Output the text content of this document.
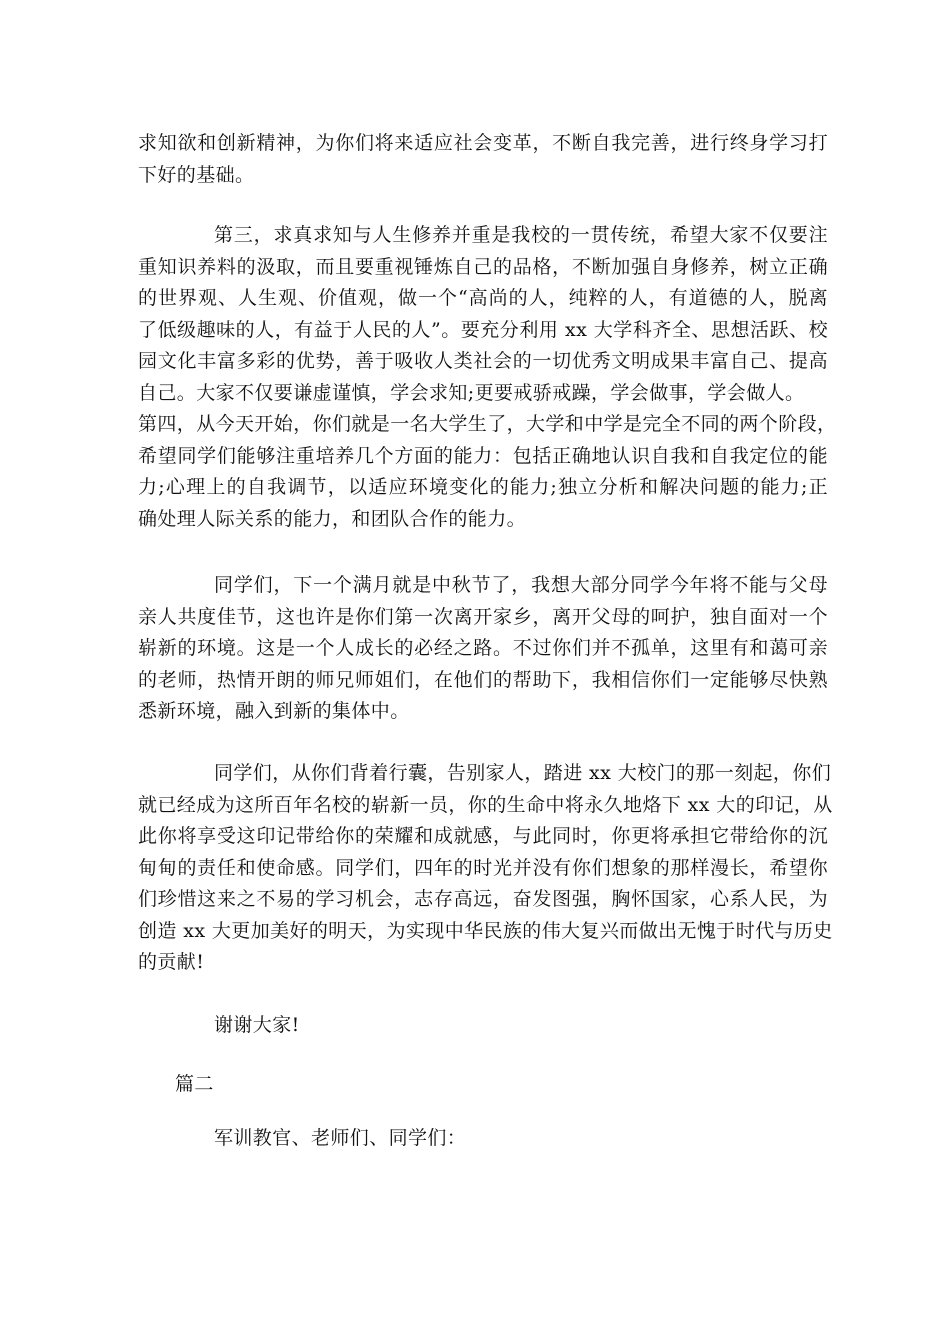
求知欲和创新精神，为你们将来适应社会变革，不断自我完善，进行终身学习打
下好的基础。

第三，求真求知与人生修养并重是我校的一贯传统，希望大家不仅要注
重知识养料的汲取，而且要重视锤炼自己的品格，不断加强自身修养，树立正确
的世界观、人生观、价值观，做一个“高尚的人，纯粹的人，有道德的人，脱离
了低级趣味的人，有益于人民的人”。要充分利用 xx 大学科齐全、思想活跃、校
园文化丰富多彩的优势，善于吸收人类社会的一切优秀文明成果丰富自己、提高
自己。大家不仅要谦虚谨慎，学会求知;更要戒骄戒躁，学会做事，学会做人。
第四，从今天开始，你们就是一名大学生了，大学和中学是完全不同的两个阶段，
希望同学们能够注重培养几个方面的能力：包括正确地认识自我和自我定位的能
力;心理上的自我调节，以适应环境变化的能力;独立分析和解决问题的能力;正
确处理人际关系的能力，和团队合作的能力。

同学们，下一个满月就是中秋节了，我想大部分同学今年将不能与父母
亲人共度佳节，这也许是你们第一次离开家乡，离开父母的呵护，独自面对一个
崭新的环境。这是一个人成长的必经之路。不过你们并不孤单，这里有和蔼可亲
的老师，热情开朗的师兄师姐们，在他们的帮助下，我相信你们一定能够尽快熟
悉新环境，融入到新的集体中。

同学们，从你们背着行囊，告别家人，踏进 xx 大校门的那一刻起，你们
就已经成为这所百年名校的崭新一员，你的生命中将永久地烙下 xx 大的印记，从
此你将享受这印记带给你的荣耀和成就感，与此同时，你更将承担它带给你的沉
甸甸的责任和使命感。同学们，四年的时光并没有你们想象的那样漫长，希望你
们珍惜这来之不易的学习机会，志存高远，奋发图强，胸怀国家，心系人民，为
创造 xx 大更加美好的明天，为实现中华民族的伟大复兴而做出无愧于时代与历史
的贡献!

谢谢大家!

篇二

军训教官、老师们、同学们：
